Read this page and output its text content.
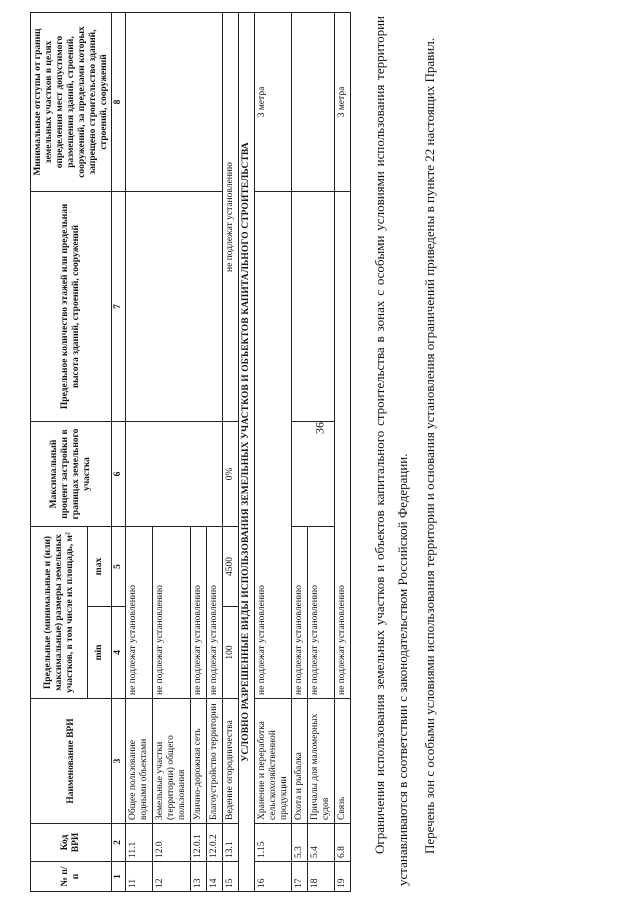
36
№ п/п	Код ВРИ	Наименование ВРИ	Предельные (минимальные и (или) максимальные) размеры земельных участков, в том числе их площадь, м²		Максимальный процент застройки в границах земельного участка	Предельное количество этажей или предельная высота зданий, строений, сооружений	Минимальные отступы от границ земельных участков в целях определения мест допустимого размещения зданий, строений, сооружений, за пределами которых запрещено строительство зданий, строений, сооружений
			min	max			
1	2	3	4	5	6	7	8
11	11.1	Общее пользование водными объектами	не подлежат установлению				
12	12.0	Земельные участки (территории) общего пользования	не подлежат установлению				
13	12.0.1	Улично-дорожная сеть	не подлежат установлению				
14	12.0.2	Благоустройство территории	не подлежат установлению				
15	13.1	Ведение огородничества	100	4500	0%	не подлежат установлению	
УСЛОВНО РАЗРЕШЕННЫЕ ВИДЫ ИСПОЛЬЗОВАНИЯ ЗЕМЕЛЬНЫХ УЧАСТКОВ И ОБЪЕКТОВ КАПИТАЛЬНОГО СТРОИТЕЛЬСТВА							
16	1.15	Хранение и переработка сельскохозяйственной продукции	не подлежат установлению				3 метра
17	5.3	Охота и рыбалка	не подлежат установлению				
18	5.4	Причалы для маломерных судов	не подлежат установлению				
19	6.8	Связь	не подлежат установлению				3 метра Ограничения использования земельных участков и объектов капитального строительства в зонах с особыми условиями использования территории устанавливаются в соответствии с законодательством Российской Федерации. Перечень зон с особыми условиями использования территории и основания установления ограничений приведены в пункте 22 настоящих Правил.
